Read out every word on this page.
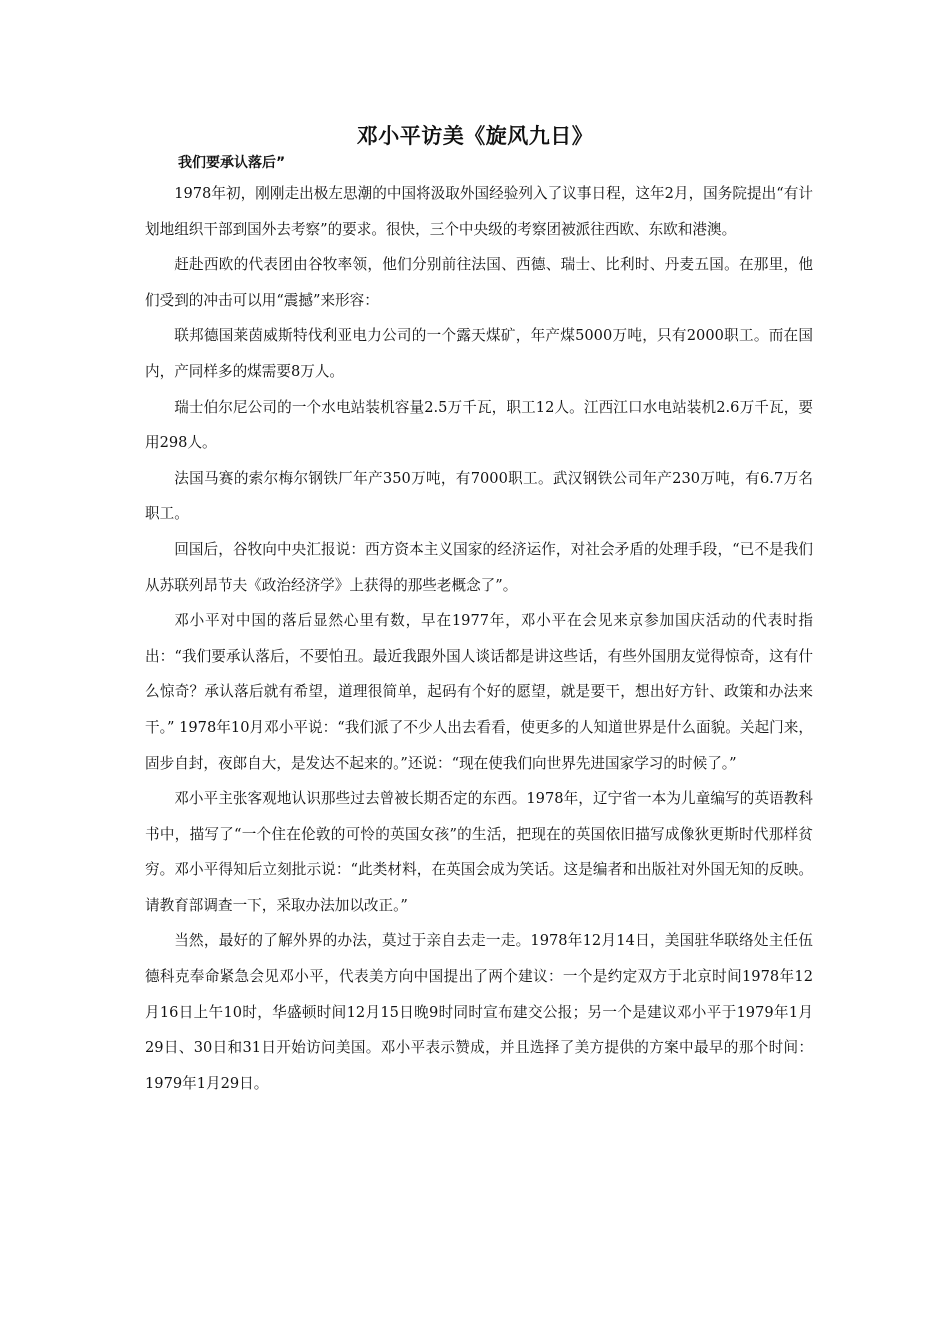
邓小平访美《旋风九日》
我们要承认落后”

1978年初，刚刚走出极左思潮的中国将汲取外国经验列入了议事日程，这年2月，国务院提出“有计划地组织干部到国外去考察”的要求。很快，三个中央级的考察团被派往西欧、东欧和港澳。

赶赴西欧的代表团由谷牧率领，他们分别前往法国、西德、瑞士、比利时、丹麦五国。在那里，他们受到的冲击可以用“震撼”来形容：

联邦德国莱茵威斯特伐利亚电力公司的一个露天煤矿，年产煤5000万吨，只有2000职工。而在国内，产同样多的煤需要8万人。

瑞士伯尔尼公司的一个水电站装机容量2.5万千瓦，职工12人。江西江口水电站装机2.6万千瓦，要用298人。

法国马赛的索尔梅尔钢铁厂年产350万吨，有7000职工。武汉钢铁公司年产230万吨，有6.7万名职工。

回国后，谷牧向中央汇报说：西方资本主义国家的经济运作，对社会矛盾的处理手段，“已不是我们从苏联列昂节夫《政治经济学》上获得的那些老概念了”。

邓小平对中国的落后显然心里有数，早在1977年，邓小平在会见来京参加国庆活动的代表时指出：“我们要承认落后，不要怕丑。最近我跟外国人谈话都是讲这些话，有些外国朋友觉得惊奇，这有什么惊奇？承认落后就有希望，道理很简单，起码有个好的愿望，就是要干，想出好方针、政策和办法来干。” 1978年10月邓小平说：“我们派了不少人出去看看，使更多的人知道世界是什么面貌。关起门来，固步自封，夜郎自大，是发达不起来的。”还说：“现在使我们向世界先进国家学习的时候了。”

邓小平主张客观地认识那些过去曾被长期否定的东西。1978年，辽宁省一本为儿童编写的英语教科书中，描写了“一个住在伦敦的可怜的英国女孩”的生活，把现在的英国依旧描写成像狄更斯时代那样贫穷。邓小平得知后立刻批示说：“此类材料，在英国会成为笑话。这是编者和出版社对外国无知的反映。请教育部调查一下，采取办法加以改正。”

当然，最好的了解外界的办法，莫过于亲自去走一走。1978年12月14日，美国驻华联络处主任伍德科克奉命紧急会见邓小平，代表美方向中国提出了两个建议：一个是约定双方于北京时间1978年12月16日上午10时，华盛顿时间12月15日晚9时同时宣布建交公报；另一个是建议邓小平于1979年1月29日、30日和31日开始访问美国。邓小平表示赞成，并且选择了美方提供的方案中最早的那个时间：1979年1月29日。
